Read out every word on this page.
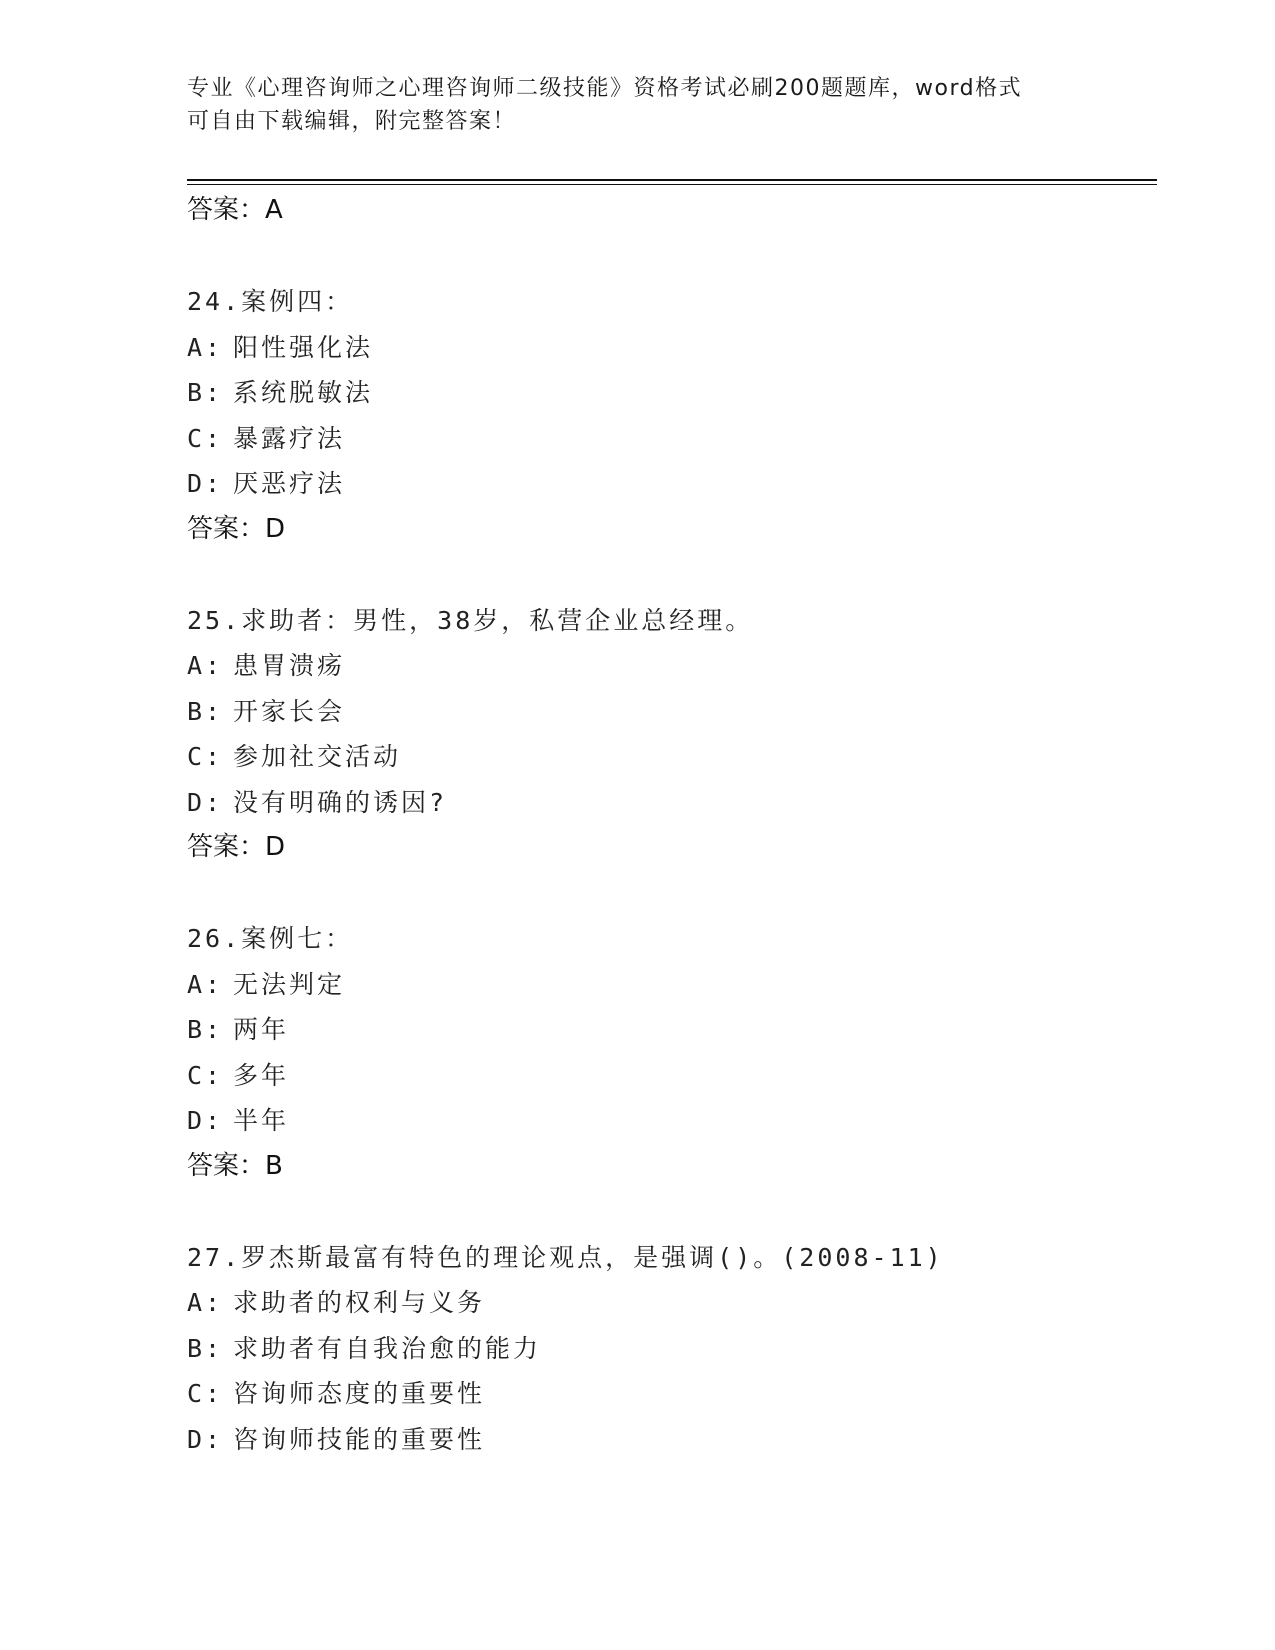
专业《心理咨询师之心理咨询师二级技能》资格考试必刷200题题库，word格式
可自由下载编辑，附完整答案！
答案：A
24.案例四：
A: 阳性强化法
B: 系统脱敏法
C: 暴露疗法
D: 厌恶疗法
答案：D
25.求助者：男性，38岁，私营企业总经理。
A: 患胃溃疡
B: 开家长会
C: 参加社交活动
D: 没有明确的诱因?
答案：D
26.案例七：
A: 无法判定
B: 两年
C: 多年
D: 半年
答案：B
27.罗杰斯最富有特色的理论观点，是强调()。(2008-11)
A: 求助者的权利与义务
B: 求助者有自我治愈的能力
C: 咨询师态度的重要性
D: 咨询师技能的重要性
